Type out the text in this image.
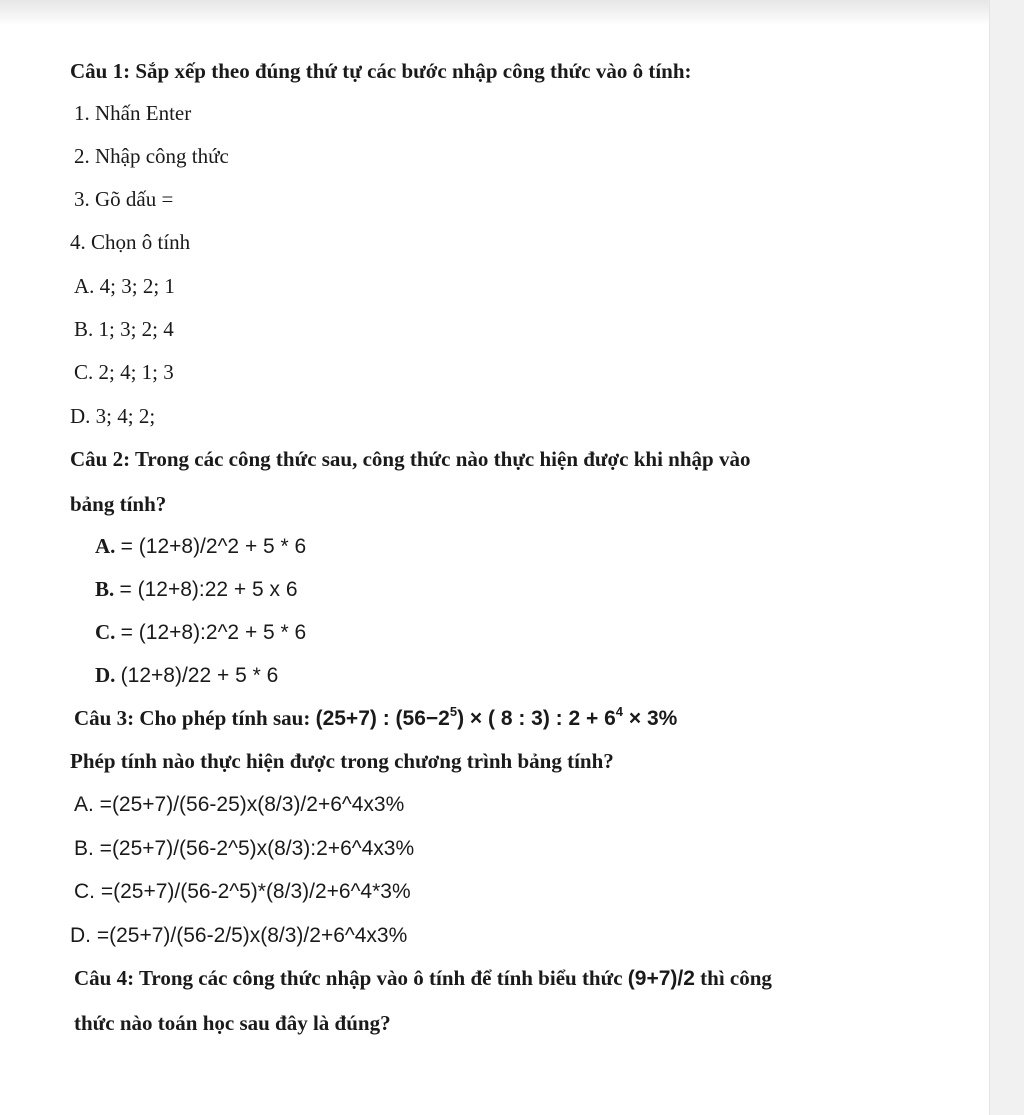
Câu 1: Sắp xếp theo đúng thứ tự các bước nhập công thức vào ô tính:
1. Nhấn Enter
2. Nhập công thức
3. Gõ dấu =
4. Chọn ô tính
A. 4; 3; 2; 1
B. 1; 3; 2; 4
C. 2; 4; 1; 3
D. 3; 4; 2;
Câu 2: Trong các công thức sau, công thức nào thực hiện được khi nhập vào
bảng tính?
A. = (12+8)/2^2 + 5 * 6
B. = (12+8):22 + 5 x 6
C. = (12+8):2^2 + 5 * 6
D. (12+8)/22 + 5 * 6
Câu 3: Cho phép tính sau: (25+7) : $(56-2^5)$ × ( 8 : 3) : $2 + 6^4 \times 3\%$
Phép tính nào thực hiện được trong chương trình bảng tính?
A. =(25+7)/(56-25)x(8/3)/2+6^4x3%
B. =(25+7)/(56-2^5)x(8/3):2+6^4x3%
C. =(25+7)/(56-2^5)*(8/3)/2+6^4*3%
D. =(25+7)/(56-2/5)x(8/3)/2+6^4x3%
Câu 4: Trong các công thức nhập vào ô tính để tính biểu thức (9+7)/2 thì công
thức nào toán học sau đây là đúng?
